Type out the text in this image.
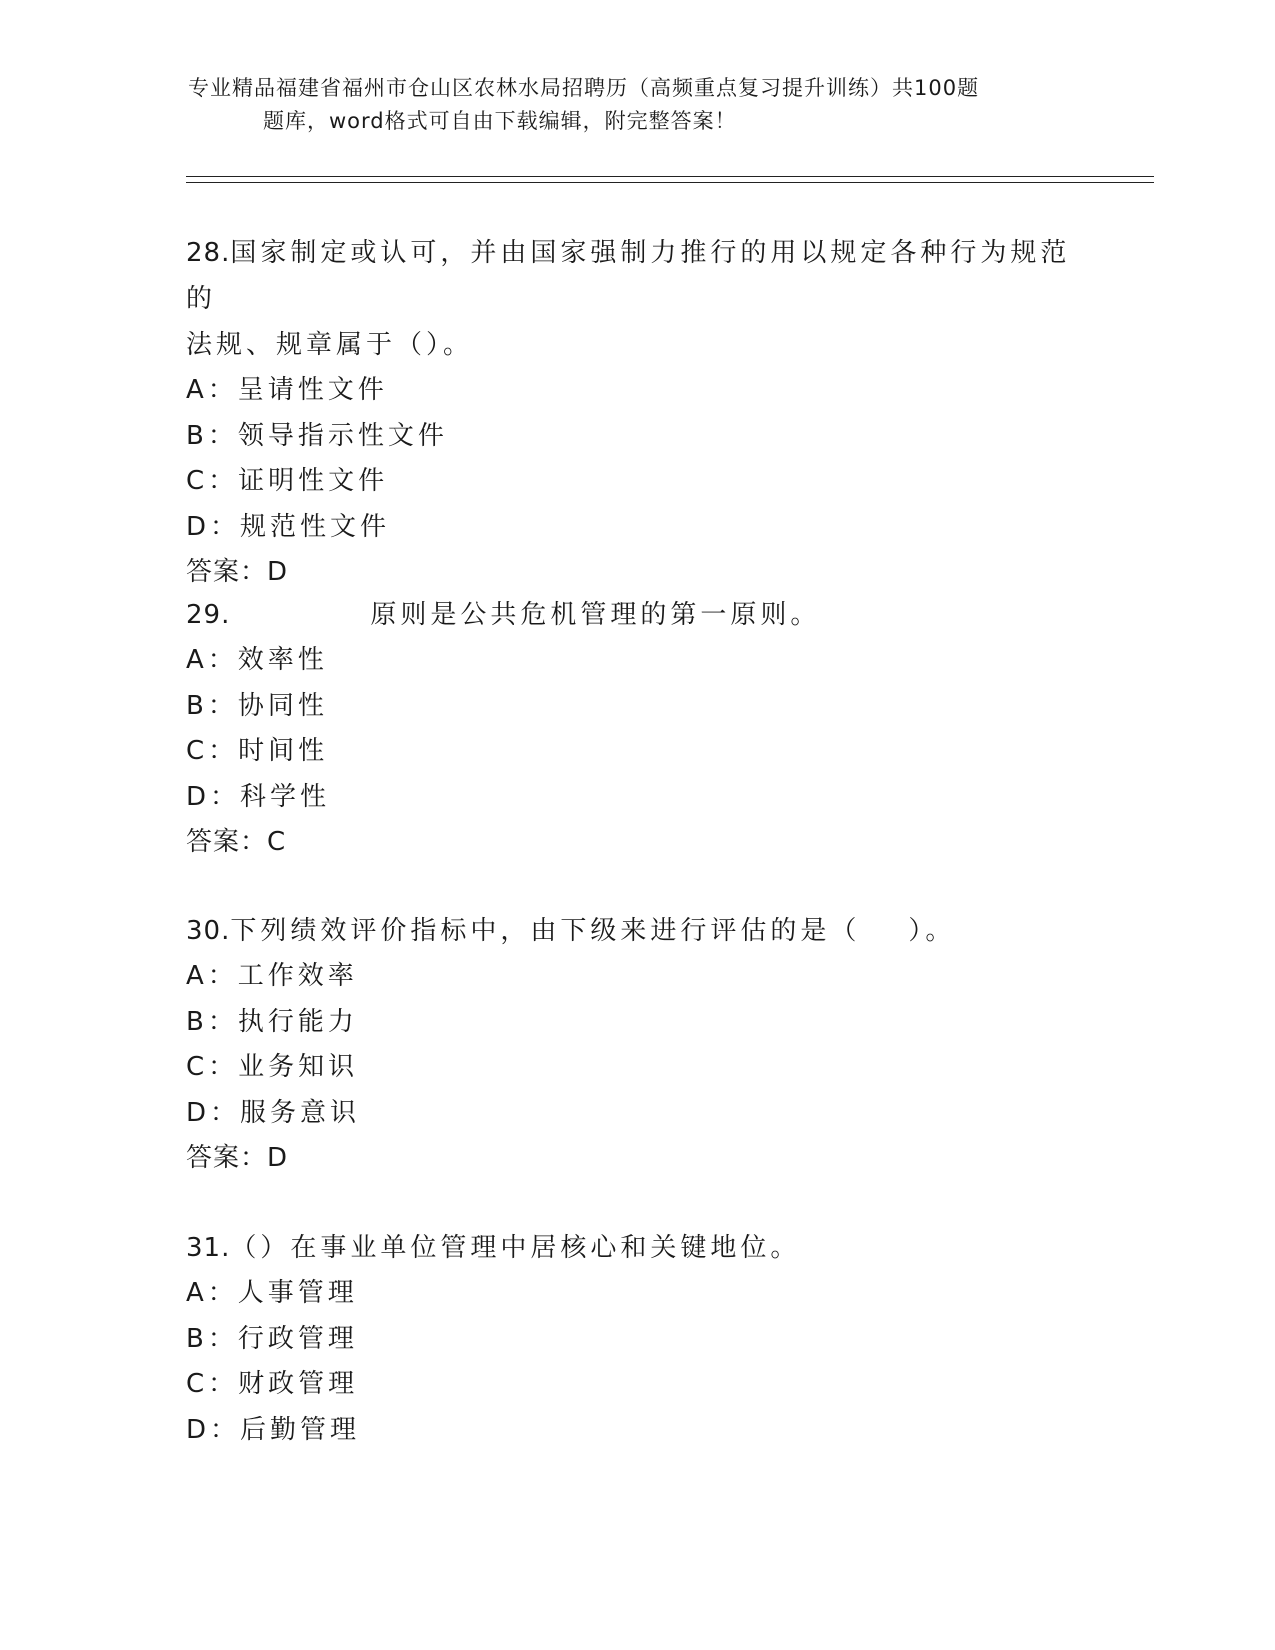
专业精品福建省福州市仓山区农林水局招聘历（高频重点复习提升训练）共100题
题库，word格式可自由下载编辑，附完整答案！

28.国家制定或认可，并由国家强制力推行的用以规定各种行为规范的

法规、规章属于（）。

A：呈请性文件

B：领导指示性文件

C：证明性文件

D：规范性文件

答案：D

29.	原则是公共危机管理的第一原则。

A：效率性

B：协同性

C：时间性

D：科学性

答案：C

30.下列绩效评价指标中，由下级来进行评估的是（ ）。

A：工作效率

B：执行能力

C：业务知识

D：服务意识

答案：D

31.（）在事业单位管理中居核心和关键地位。

A：人事管理

B：行政管理

C：财政管理

D：后勤管理
